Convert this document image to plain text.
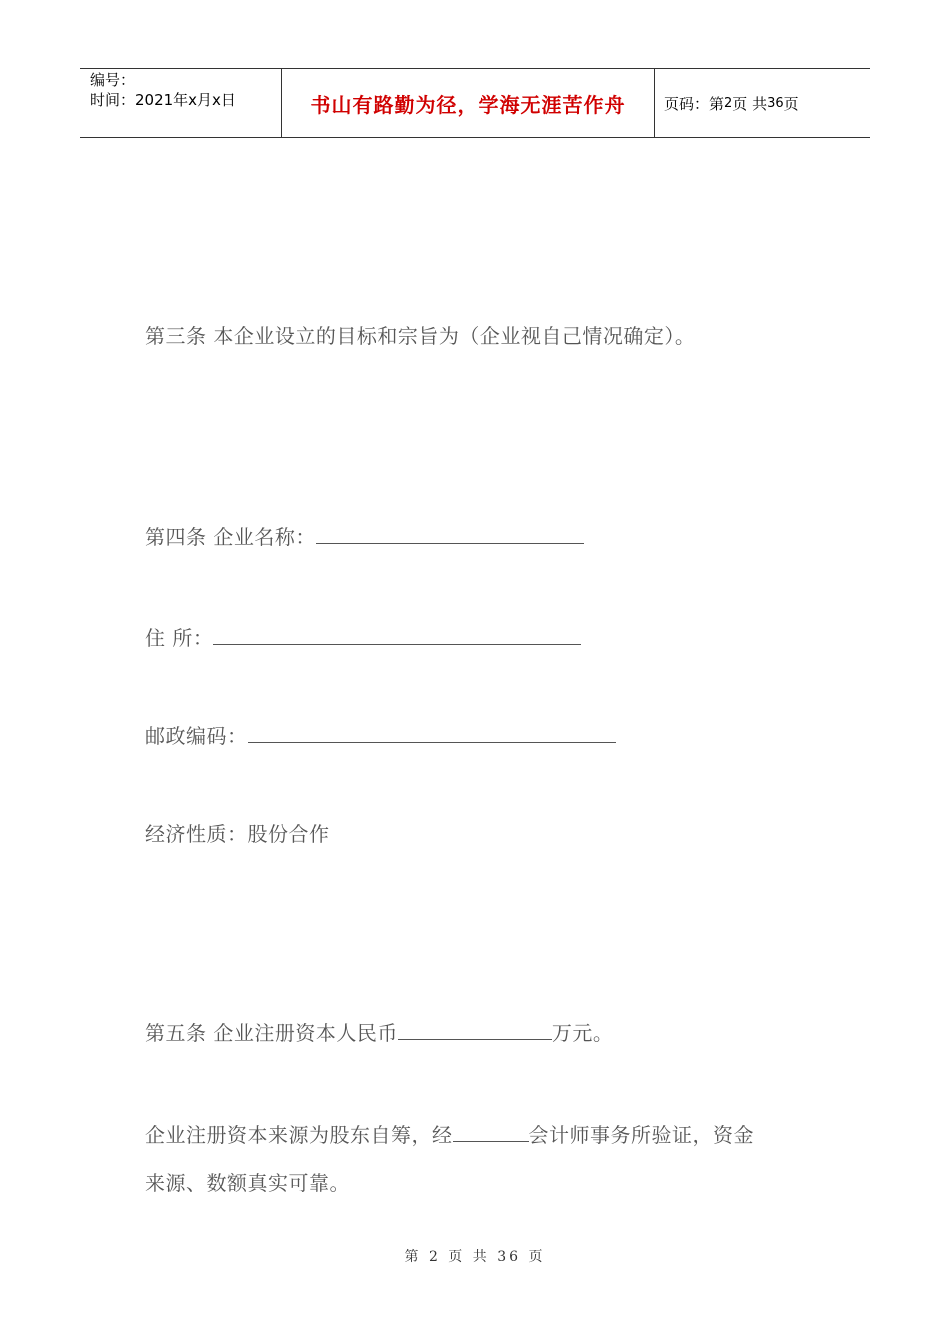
编号：
时间：2021年x月x日	书山有路勤为径，学海无涯苦作舟	页码：第 2 页 共 36 页
第三条 本企业设立的目标和宗旨为（企业视自己情况确定）。
第四条 企业名称：
住 所：
邮政编码：
经济性质：股份合作
第五条 企业注册资本人民币	万元。
企业注册资本来源为股东自筹，经	会计师事务所验证，资金
来源、数额真实可靠。
第 2 页 共 36 页
